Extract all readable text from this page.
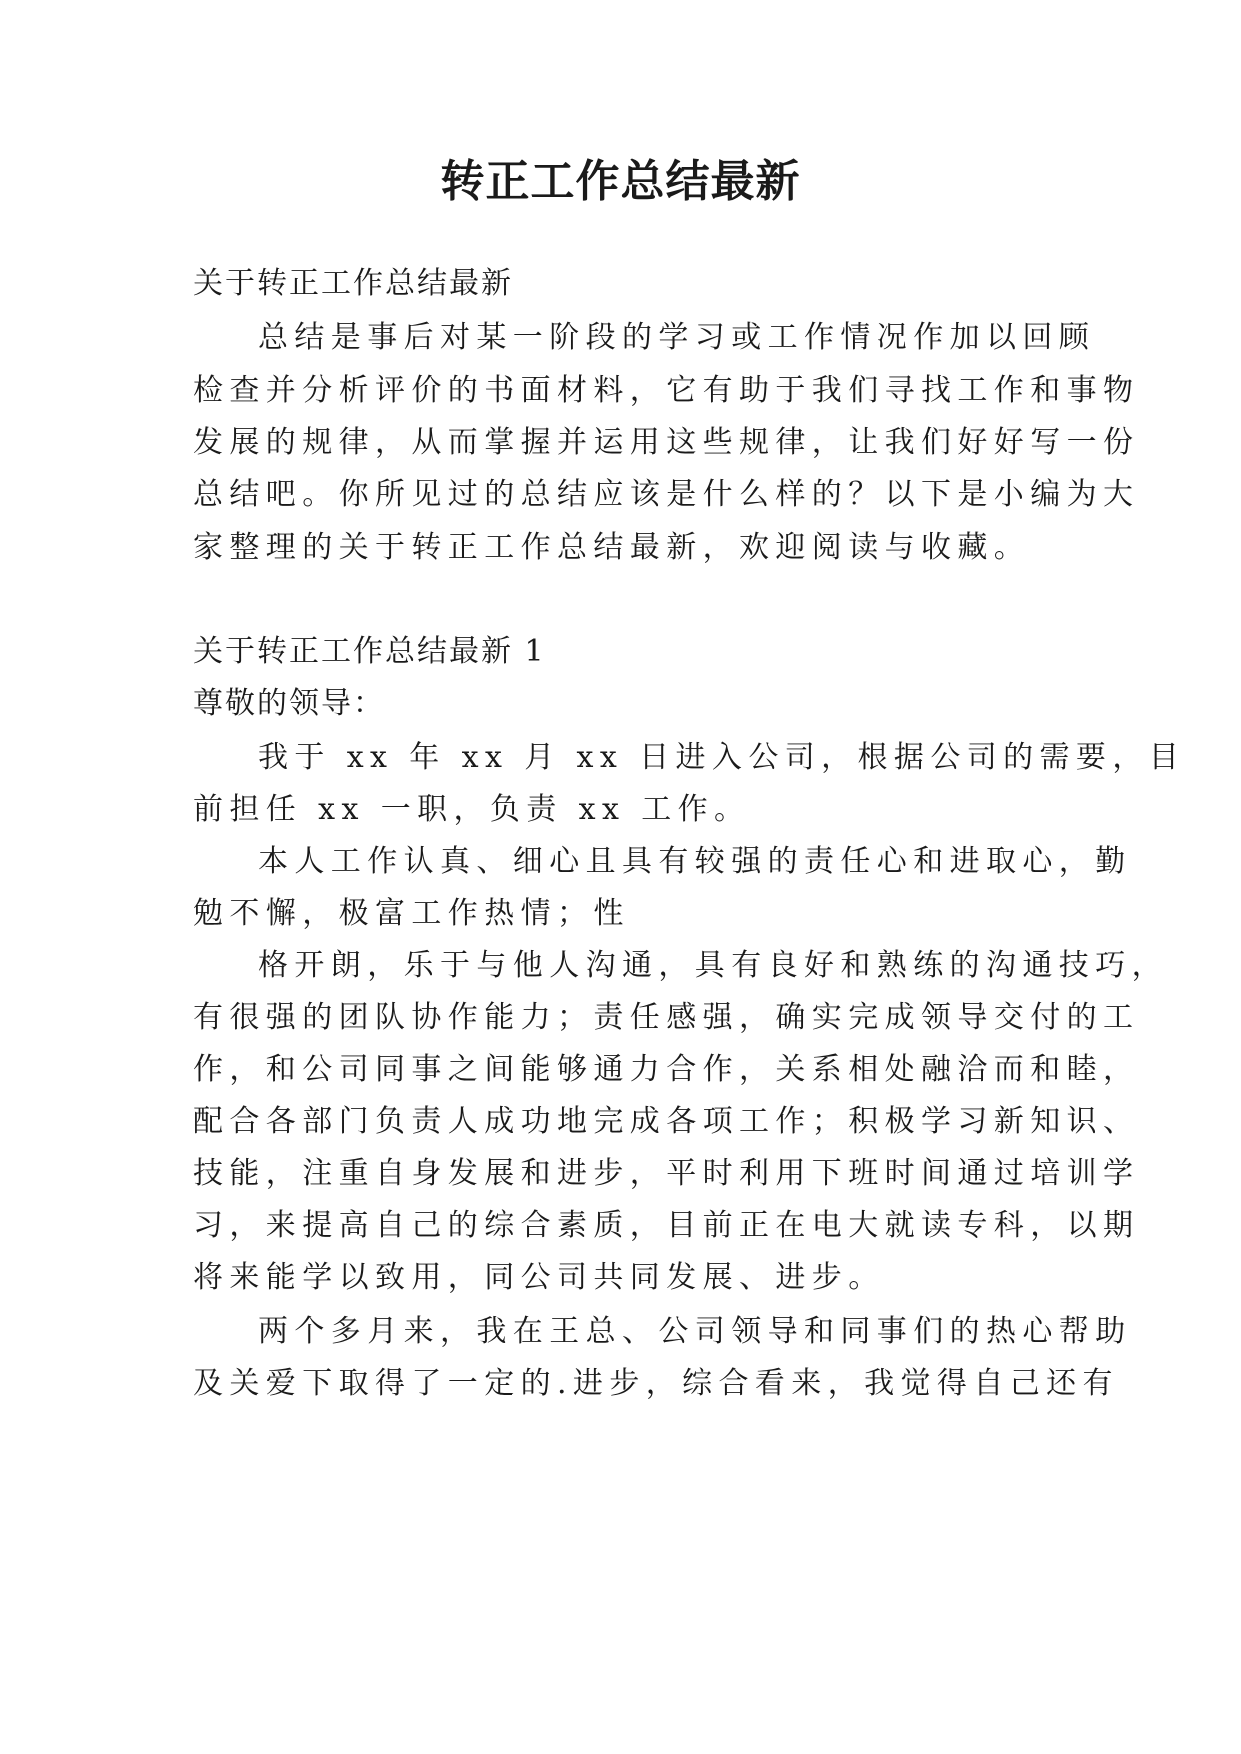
转正工作总结最新

关于转正工作总结最新

总结是事后对某一阶段的学习或工作情况作加以回顾

检查并分析评价的书面材料，它有助于我们寻找工作和事物

发展的规律，从而掌握并运用这些规律，让我们好好写一份

总结吧。你所见过的总结应该是什么样的？以下是小编为大

家整理的关于转正工作总结最新，欢迎阅读与收藏。

关于转正工作总结最新 1

尊敬的领导：

我于 xx 年 xx 月 xx 日进入公司，根据公司的需要，目

前担任 xx 一职，负责 xx 工作。

本人工作认真、细心且具有较强的责任心和进取心，勤

勉不懈，极富工作热情；性

格开朗，乐于与他人沟通，具有良好和熟练的沟通技巧，

有很强的团队协作能力；责任感强，确实完成领导交付的工

作，和公司同事之间能够通力合作，关系相处融洽而和睦，

配合各部门负责人成功地完成各项工作；积极学习新知识、

技能，注重自身发展和进步，平时利用下班时间通过培训学

习，来提高自己的综合素质，目前正在电大就读专科，以期

将来能学以致用，同公司共同发展、进步。

两个多月来，我在王总、公司领导和同事们的热心帮助

及关爱下取得了一定的.进步，综合看来，我觉得自己还有
